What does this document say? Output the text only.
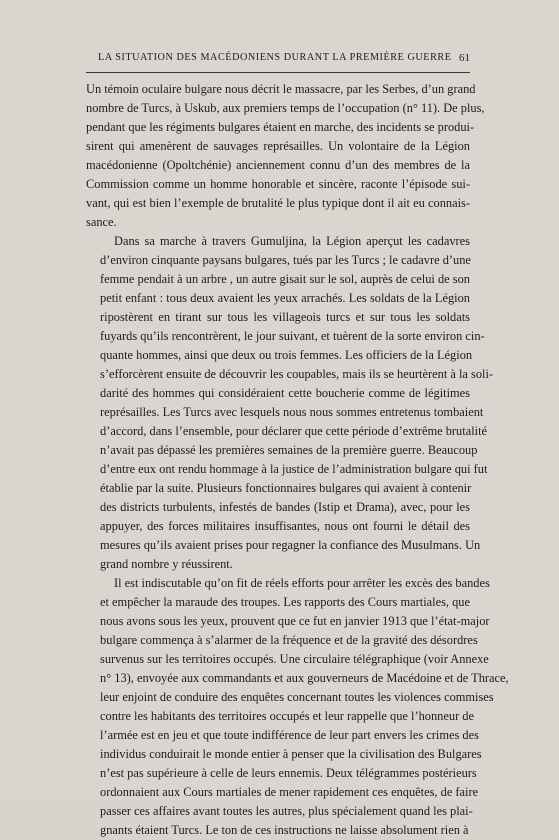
LA SITUATION DES MACÉDONIENS DURANT LA PREMIÈRE GUERRE 61

Un témoin oculaire bulgare nous décrit le massacre, par les Serbes, d’un grand
nombre de Turcs, à Uskub, aux premiers temps de l’occupation (n° 11). De plus,
pendant que les régiments bulgares étaient en marche, des incidents se produi-
sirent qui amenèrent de sauvages représailles. Un volontaire de la Légion
macédonienne (Opoltchénie) anciennement connu d’un des membres de la
Commission comme un homme honorable et sincère, raconte l’épisode sui-
vant, qui est bien l’exemple de brutalité le plus typique dont il ait eu connais-
sance.

Dans sa marche à travers Gumuljina, la Légion aperçut les cadavres
d’environ cinquante paysans bulgares, tués par les Turcs ; le cadavre d’une
femme pendait à un arbre , un autre gisait sur le sol, auprès de celui de son
petit enfant : tous deux avaient les yeux arrachés. Les soldats de la Légion
ripostèrent en tirant sur tous les villageois turcs et sur tous les soldats
fuyards qu’ils rencontrèrent, le jour suivant, et tuèrent de la sorte environ cin-
quante hommes, ainsi que deux ou trois femmes. Les officiers de la Légion
s’efforcèrent ensuite de découvrir les coupables, mais ils se heurtèrent à la soli-
darité des hommes qui considéraient cette boucherie comme de légitimes
représailles. Les Turcs avec lesquels nous nous sommes entretenus tombaient
d’accord, dans l’ensemble, pour déclarer que cette période d’extrême brutalité
n’avait pas dépassé les premières semaines de la première guerre. Beaucoup
d’entre eux ont rendu hommage à la justice de l’administration bulgare qui fut
établie par la suite. Plusieurs fonctionnaires bulgares qui avaient à contenir
des districts turbulents, infestés de bandes (Istip et Drama), avec, pour les
appuyer, des forces militaires insuffisantes, nous ont fourni le détail des
mesures qu’ils avaient prises pour regagner la confiance des Musulmans. Un
grand nombre y réussirent.

Il est indiscutable qu’on fit de réels efforts pour arrêter les excès des bandes
et empêcher la maraude des troupes. Les rapports des Cours martiales, que
nous avons sous les yeux, prouvent que ce fut en janvier 1913 que l’état-major
bulgare commença à s’alarmer de la fréquence et de la gravité des désordres
survenus sur les territoires occupés. Une circulaire télégraphique (voir Annexe
n° 13), envoyée aux commandants et aux gouverneurs de Macédoine et de Thrace,
leur enjoint de conduire des enquêtes concernant toutes les violences commises
contre les habitants des territoires occupés et leur rappelle que l’honneur de
l’armée est en jeu et que toute indifférence de leur part envers les crimes des
individus conduirait le monde entier à penser que la civilisation des Bulgares
n’est pas supérieure à celle de leurs ennemis. Deux télégrammes postérieurs
ordonnaient aux Cours martiales de mener rapidement ces enquêtes, de faire
passer ces affaires avant toutes les autres, plus spécialement quand les plai-
gnants étaient Turcs. Le ton de ces instructions ne laisse absolument rien à
